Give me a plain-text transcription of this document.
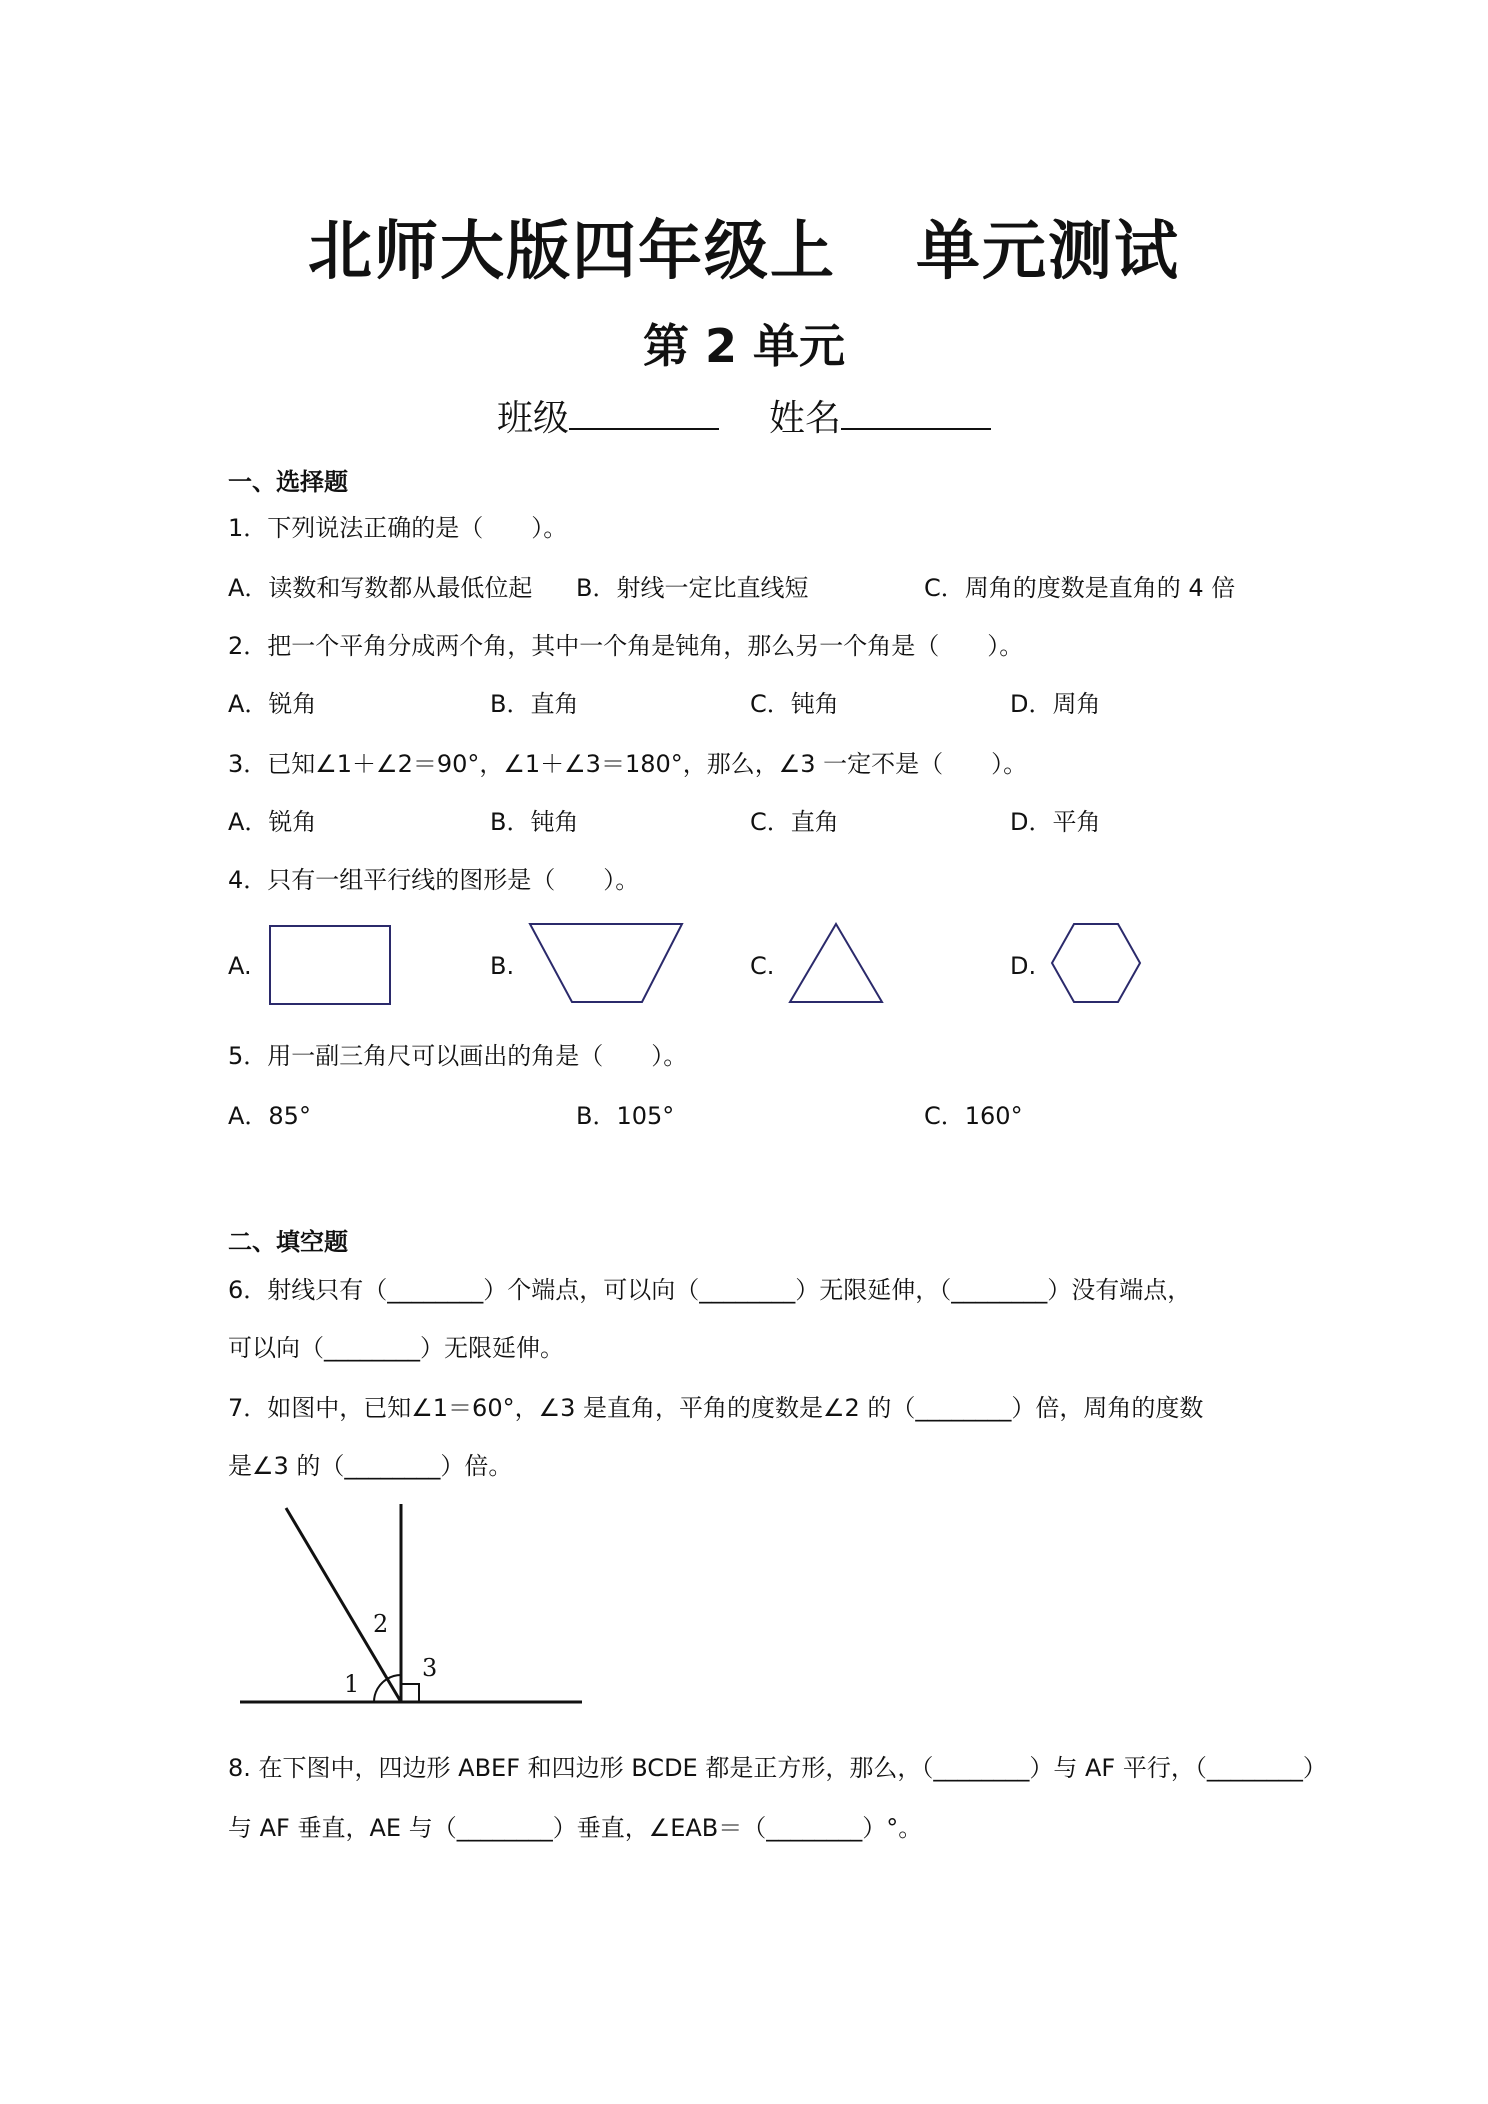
北师大版四年级上 单元测试
第 2 单元
班级	姓名
一、选择题
1．下列说法正确的是（　　）。
A．读数和写数都从最低位起 B．射线一定比直线短	C．周角的度数是直角的 4 倍
2．把一个平角分成两个角，其中一个角是钝角，那么另一个角是（　　）。
A．锐角	B．直角	C．钝角	D．周角
3．已知∠1＋∠2＝90°，∠1＋∠3＝180°，那么，∠3 一定不是（　　）。
A．锐角	B．钝角	C．直角	D．平角
4．只有一组平行线的图形是（　　）。
A.	B.	C.	D.
5．用一副三角尺可以画出的角是（　　）。
A．85°	B．105°	C．160°
二、填空题
6．射线只有（________）个端点，可以向（________）无限延伸，（________）没有端点，
可以向（________）无限延伸。
7．如图中，已知∠1＝60°，∠3 是直角，平角的度数是∠2 的（________）倍，周角的度数
是∠3 的（________）倍。
1
2
3
8. 在下图中，四边形 ABEF 和四边形 BCDE 都是正方形，那么，（________）与 AF 平行，（________）
与 AF 垂直，AE 与（________）垂直，∠EAB＝（________）°。
